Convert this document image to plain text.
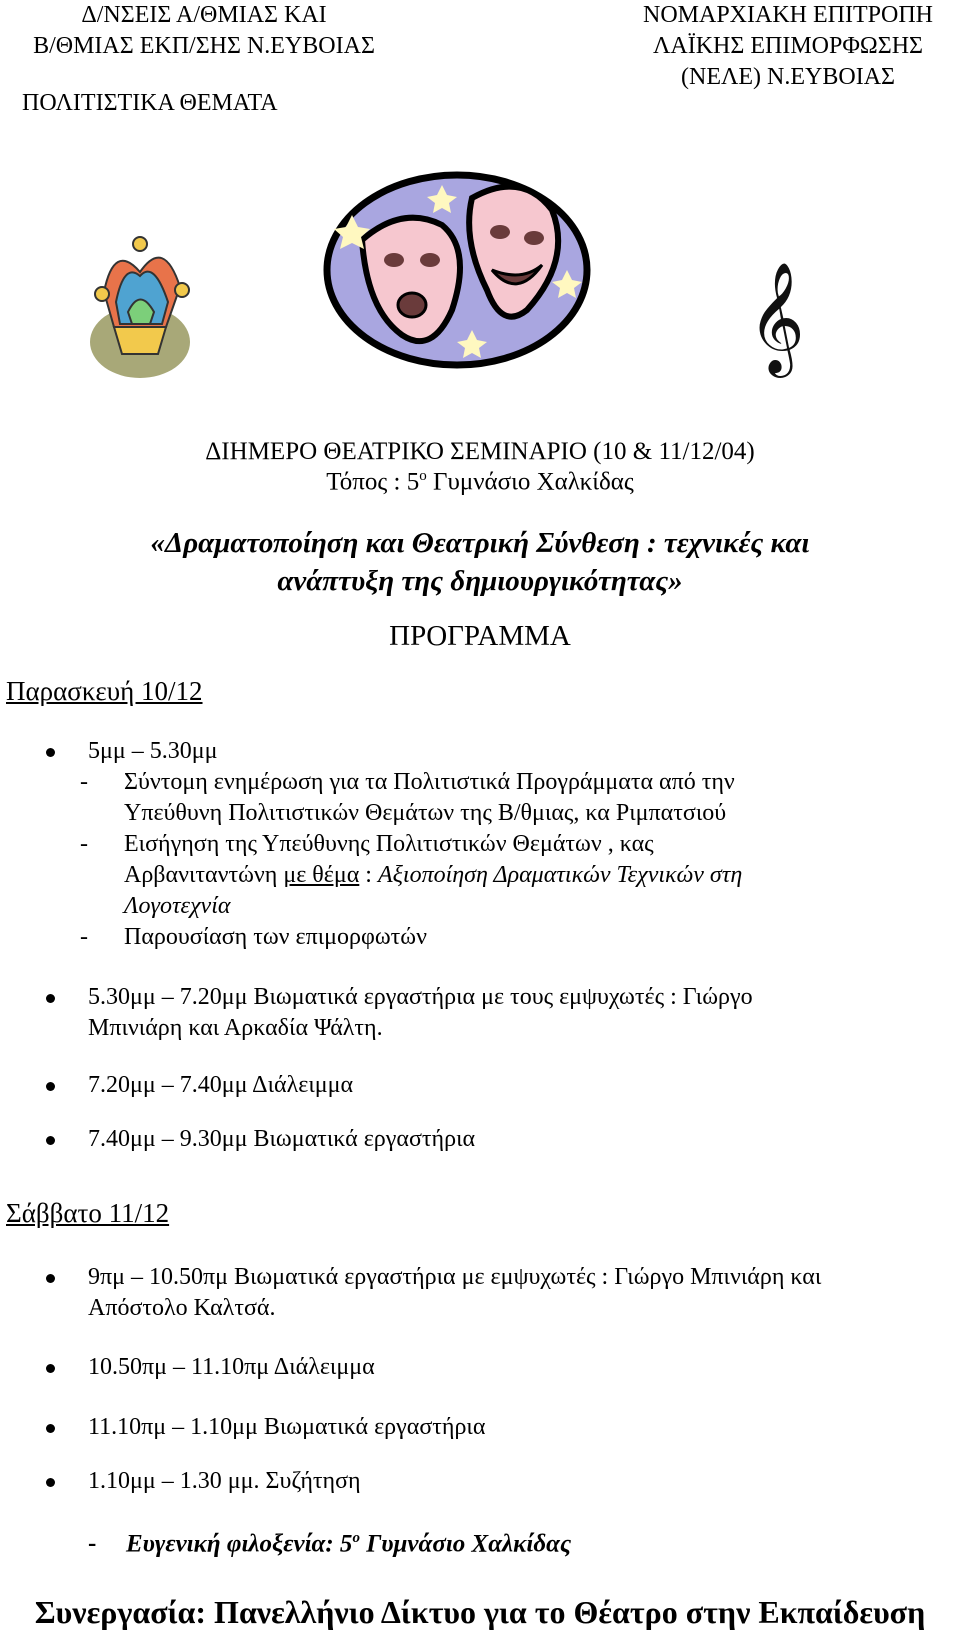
Δ/ΝΣΕΙΣ Α/ΘΜΙΑΣ ΚΑΙ
Β/ΘΜΙΑΣ ΕΚΠ/ΣΗΣ Ν.ΕΥΒΟΙΑΣ
ΠΟΛΙΤΙΣΤΙΚΑ ΘΕΜΑΤΑ
ΝΟΜΑΡΧΙΑΚΗ ΕΠΙΤΡΟΠΗ
ΛΑΪΚΗΣ ΕΠΙΜΟΡΦΩΣΗΣ
(ΝΕΛΕ) Ν.ΕΥΒΟΙΑΣ
𝄞
ΔΙΗΜΕΡΟ ΘΕΑΤΡΙΚΟ ΣΕΜΙΝΑΡΙΟ (10 & 11/12/04)
Τόπος : $5^o$ Γυμνάσιο Χαλκίδας
«Δραματοποίηση και Θεατρική Σύνθεση : τεχνικές και
ανάπτυξη της δημιουργικότητας»
ΠΡΟΓΡΑΜΜΑ
Παρασκευή 10/12
5μμ – 5.30μμ
- Σύντομη ενημέρωση για τα Πολιτιστικά Προγράμματα από την
Υπεύθυνη Πολιτιστικών Θεμάτων της Β/θμιας, κα Ριμπατσιού
- Εισήγηση της Υπεύθυνης Πολιτιστικών Θεμάτων , κας
Αρβανιταντώνη με θέμα : Αξιοποίηση Δραματικών Τεχνικών στη
Λογοτεχνία
- Παρουσίαση των επιμορφωτών
5.30μμ – 7.20μμ Βιωματικά εργαστήρια με τους εμψυχωτές : Γιώργο
Μπινιάρη και Αρκαδία Ψάλτη.
7.20μμ – 7.40μμ Διάλειμμα
7.40μμ – 9.30μμ Βιωματικά εργαστήρια
Σάββατο 11/12
9πμ – 10.50πμ Βιωματικά εργαστήρια με εμψυχωτές : Γιώργο Μπινιάρη και
Απόστολο Καλτσά.
10.50πμ – 11.10πμ Διάλειμμα
11.10πμ – 1.10μμ Βιωματικά εργαστήρια
1.10μμ – 1.30 μμ. Συζήτηση
- Ευγενική φιλοξενία: $5^o$ Γυμνάσιο Χαλκίδας
Συνεργασία: Πανελλήνιο Δίκτυο για το Θέατρο στην Εκπαίδευση
